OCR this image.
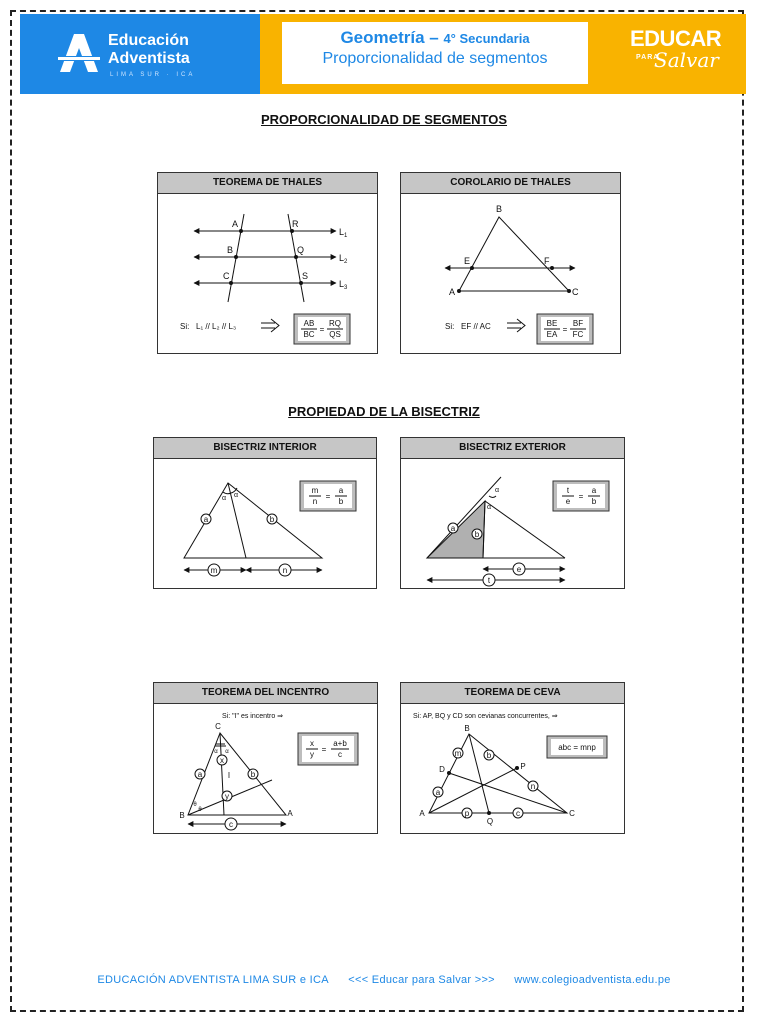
Educación
Adventista
LIMA SUR · ICA
Geometría – 4° Secundaria
Proporcionalidad de segmentos
EDUCAR
PARA
Salvar
PROPORCIONALIDAD DE SEGMENTOS
TEOREMA DE THALES
A	R
B	Q
C	S
$L_1$
$L_2$
$L_3$
Si: L₁ // L₂ // L₃	AB
BC
=
RQ
QS
COROLARIO DE THALES
B
E	F
A	C
Si: EF // AC	BE
EA
=
BF
FC
PROPIEDAD DE LA BISECTRIZ
BISECTRIZ INTERIOR
a	b
m	n
α α
m
n
=
a
b
BISECTRIZ EXTERIOR
a
b
e
t
α
α
t
e
=
a
b
TEOREMA DEL INCENTRO
Si: "I" es incentro ⇒
C
I
B	A
a	b
c
x
y
α α
θ
θ
x
y
=
a+b
c
TEOREMA DE CEVA
Si: AP, BQ y CD son cevianas concurrentes, ⇒
B
D	P
A
Q
C
m	b
a
n
p	c
abc = mnp
EDUCACIÓN ADVENTISTA LIMA SUR e ICA <<< Educar para Salvar >>> www.colegioadventista.edu.pe
